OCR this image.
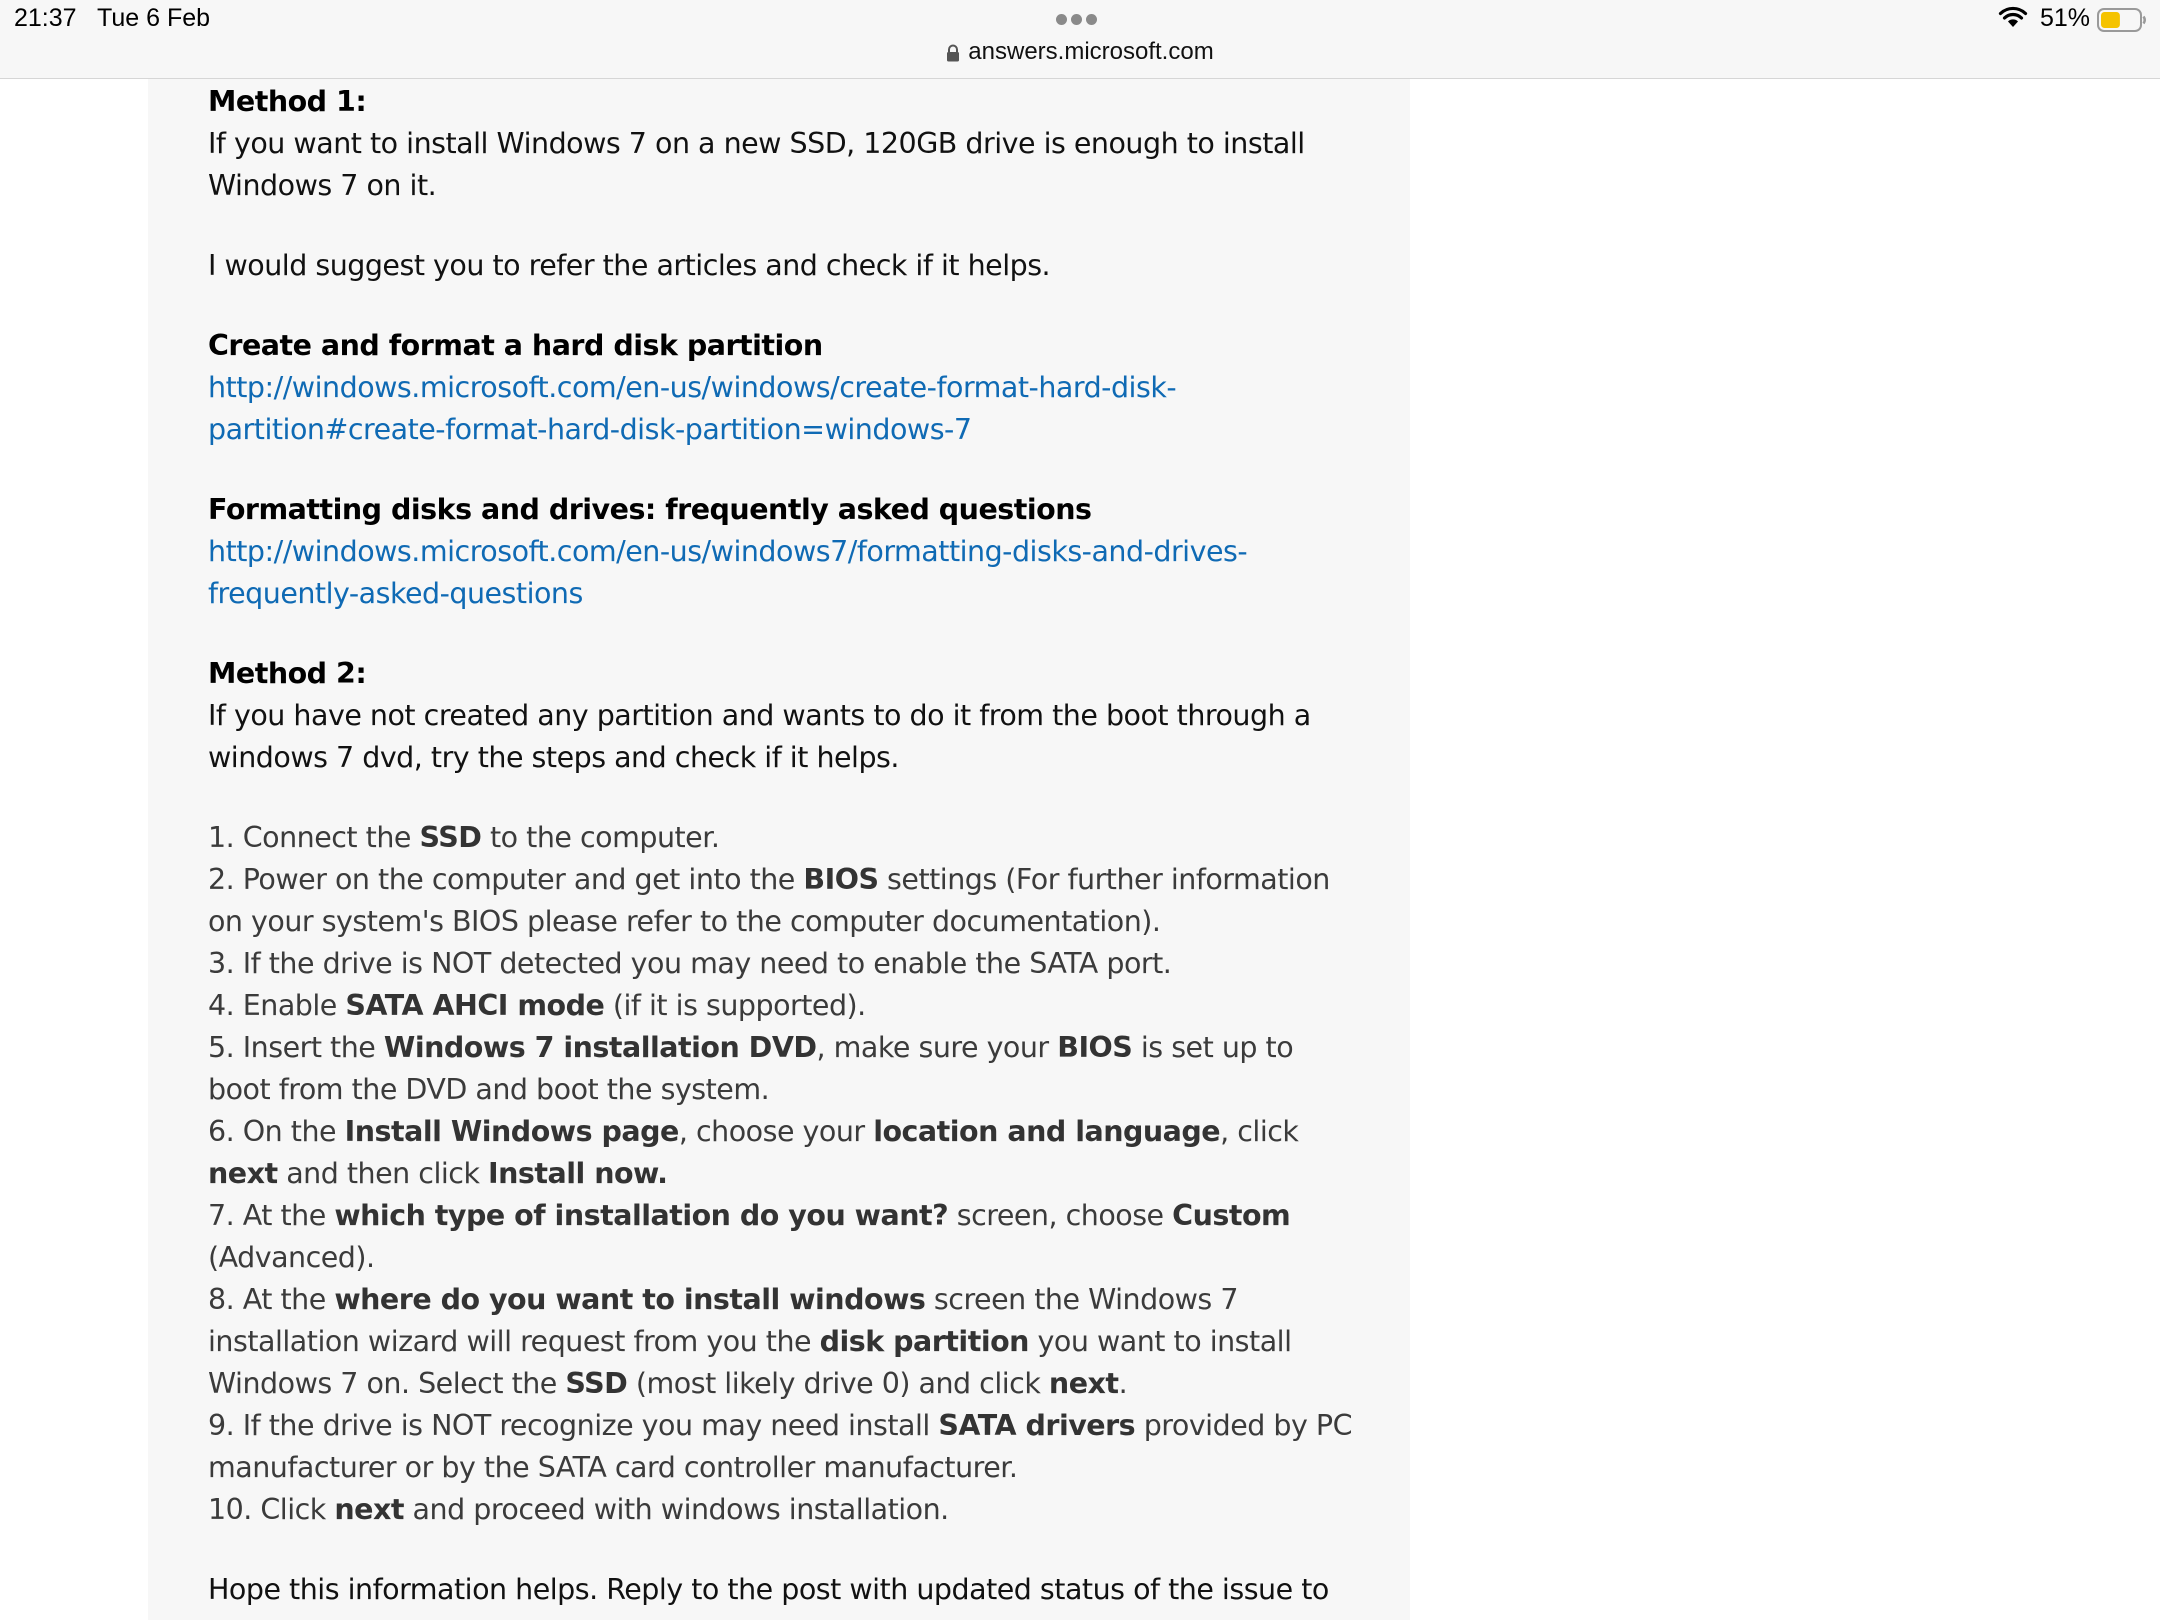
21:37 Tue 6 Feb
answers.microsoft.com
51%

Method 1:

If you want to install Windows 7 on a new SSD, 120GB drive is enough to install Windows 7 on it.

I would suggest you to refer the articles and check if it helps.

Create and format a hard disk partition

http://windows.microsoft.com/en-us/windows/create-format-hard-disk-partition#create-format-hard-disk-partition=windows-7

Formatting disks and drives: frequently asked questions

http://windows.microsoft.com/en-us/windows7/formatting-disks-and-drives-frequently-asked-questions

Method 2:

If you have not created any partition and wants to do it from the boot through a windows 7 dvd, try the steps and check if it helps.

1. Connect the SSD to the computer.

2. Power on the computer and get into the BIOS settings (For further information on your system's BIOS please refer to the computer documentation).

3. If the drive is NOT detected you may need to enable the SATA port.

4. Enable SATA AHCI mode (if it is supported).

5. Insert the Windows 7 installation DVD, make sure your BIOS is set up to boot from the DVD and boot the system.

6. On the Install Windows page, choose your location and language, click next and then click Install now.

7. At the which type of installation do you want? screen, choose Custom (Advanced).

8. At the where do you want to install windows screen the Windows 7 installation wizard will request from you the disk partition you want to install Windows 7 on. Select the SSD (most likely drive 0) and click next.

9. If the drive is NOT recognize you may need install SATA drivers provided by PC manufacturer or by the SATA card controller manufacturer.

10. Click next and proceed with windows installation.

Hope this information helps. Reply to the post with updated status of the issue to
